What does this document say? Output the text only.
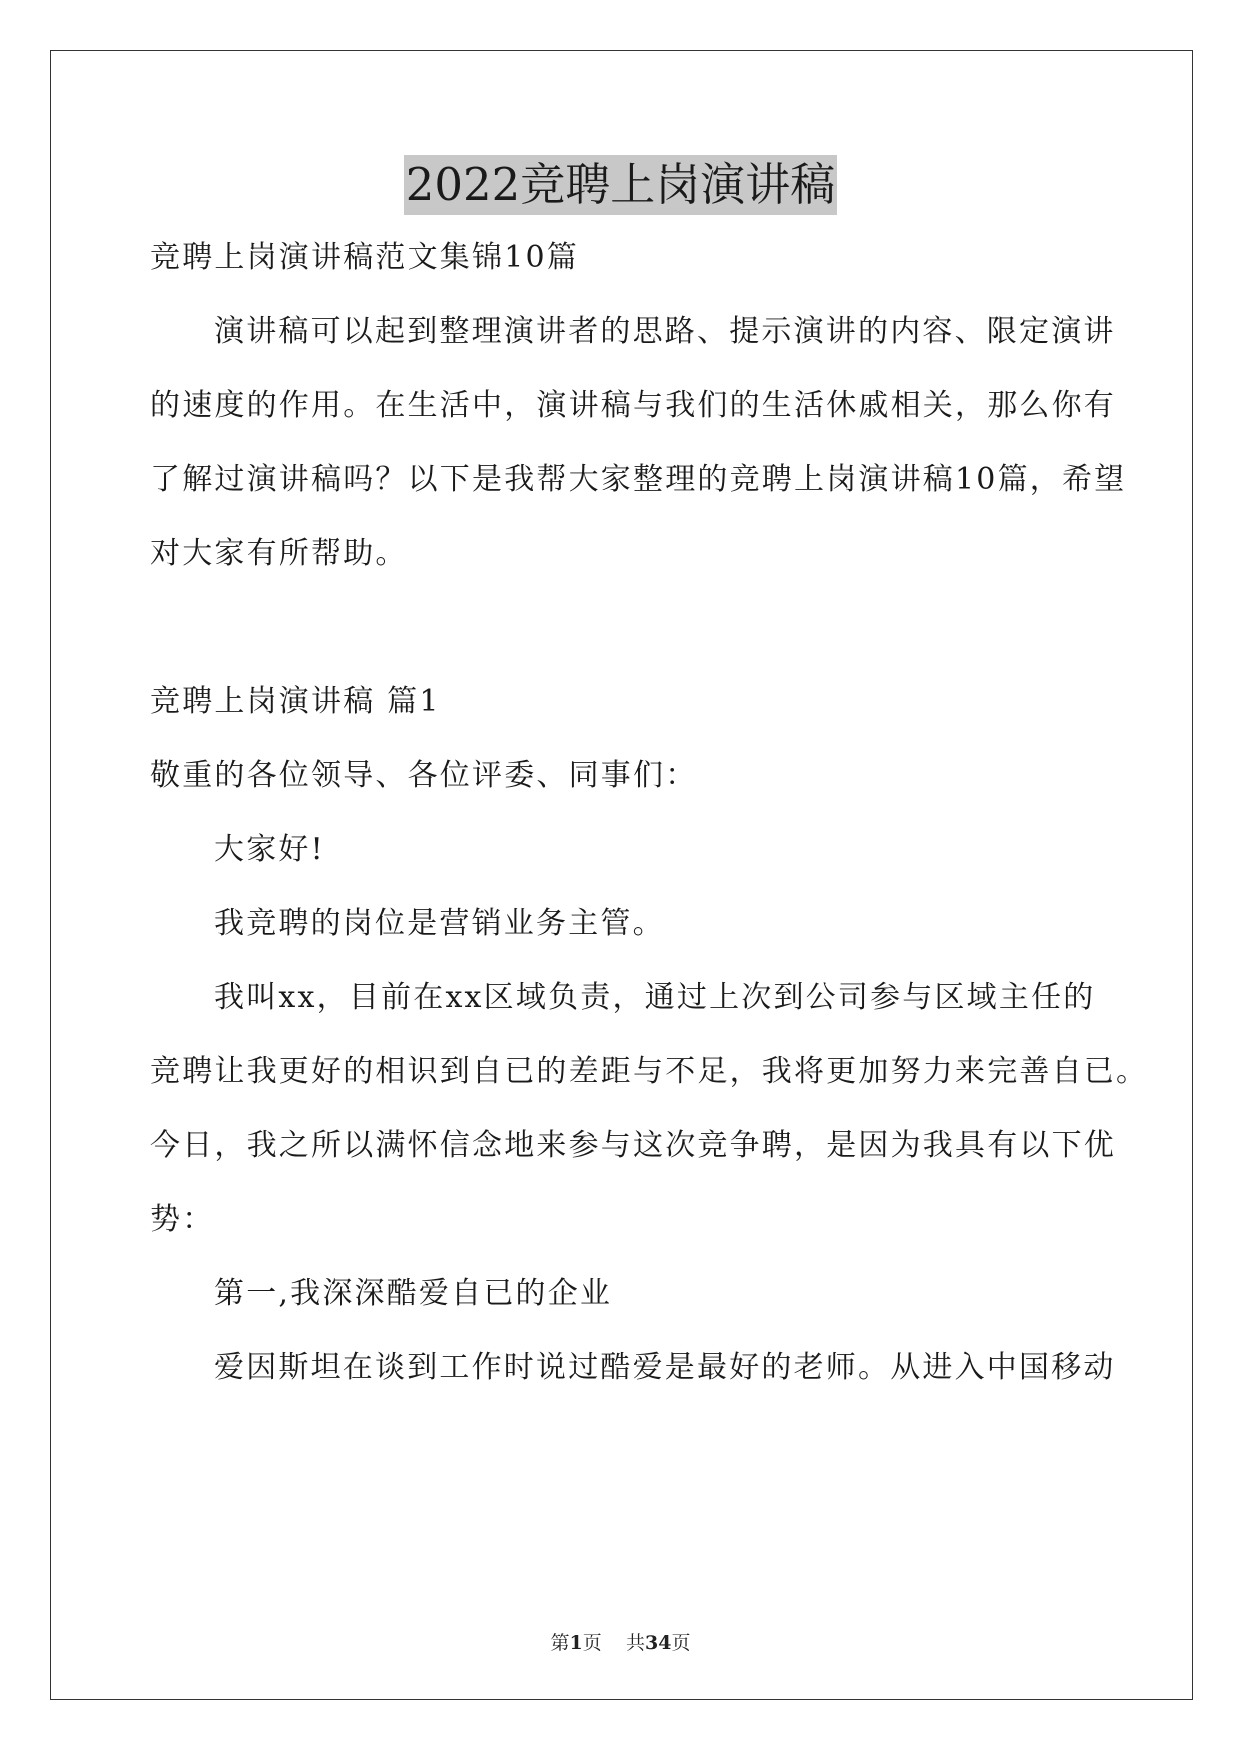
2022竞聘上岗演讲稿
竞聘上岗演讲稿范文集锦10篇
演讲稿可以起到整理演讲者的思路、提示演讲的内容、限定演讲
的速度的作用。在生活中，演讲稿与我们的生活休戚相关，那么你有
了解过演讲稿吗？以下是我帮大家整理的竞聘上岗演讲稿10篇，希望
对大家有所帮助。
竞聘上岗演讲稿 篇1
敬重的各位领导、各位评委、同事们：
大家好!
我竞聘的岗位是营销业务主管。
我叫xx，目前在xx区域负责，通过上次到公司参与区域主任的
竞聘让我更好的相识到自已的差距与不足，我将更加努力来完善自已。
今日，我之所以满怀信念地来参与这次竞争聘，是因为我具有以下优
势：
第一,我深深酷爱自已的企业
爱因斯坦在谈到工作时说过酷爱是最好的老师。从进入中国移动
第1页 共34页
